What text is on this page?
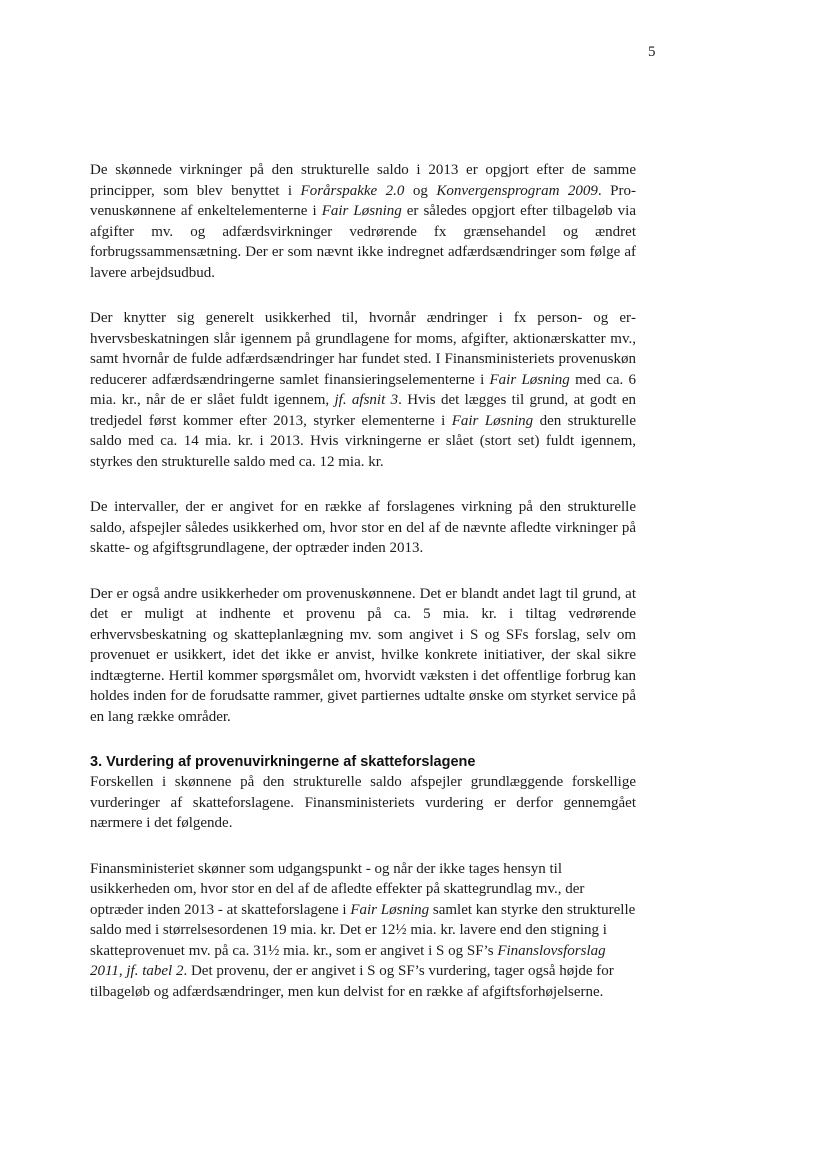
5

De skønnede virkninger på den strukturelle saldo i 2013 er opgjort efter de samme principper, som blev benyttet i Forårspakke 2.0 og Konvergensprogram 2009. Provenuskønnene af enkeltelementerne i Fair Løsning er således opgjort efter tilbageløb via afgifter mv. og adfærdsvirkninger vedrørende fx grænsehandel og ændret forbrugssammensætning. Der er som nævnt ikke indregnet adfærdsændringer som følge af lavere arbejdsudbud.

Der knytter sig generelt usikkerhed til, hvornår ændringer i fx person- og erhvervsbeskatningen slår igennem på grundlagene for moms, afgifter, aktionærskatter mv., samt hvornår de fulde adfærdsændringer har fundet sted. I Finansministeriets provenuskøn reducerer adfærdsændringerne samlet finansieringselementerne i Fair Løsning med ca. 6 mia. kr., når de er slået fuldt igennem, jf. afsnit 3. Hvis det lægges til grund, at godt en tredjedel først kommer efter 2013, styrker elementerne i Fair Løsning den strukturelle saldo med ca. 14 mia. kr. i 2013. Hvis virkningerne er slået (stort set) fuldt igennem, styrkes den strukturelle saldo med ca. 12 mia. kr.

De intervaller, der er angivet for en række af forslagenes virkning på den strukturelle saldo, afspejler således usikkerhed om, hvor stor en del af de nævnte afledte virkninger på skatte- og afgiftsgrundlagene, der optræder inden 2013.

Der er også andre usikkerheder om provenuskønnene. Det er blandt andet lagt til grund, at det er muligt at indhente et provenu på ca. 5 mia. kr. i tiltag vedrørende erhvervsbeskatning og skatteplanlægning mv. som angivet i S og SFs forslag, selv om provenuet er usikkert, idet det ikke er anvist, hvilke konkrete initiativer, der skal sikre indtægterne. Hertil kommer spørgsmålet om, hvorvidt væksten i det offentlige forbrug kan holdes inden for de forudsatte rammer, givet partiernes udtalte ønske om styrket service på en lang række områder.

3. Vurdering af provenuvirkningerne af skatteforslagene

Forskellen i skønnene på den strukturelle saldo afspejler grundlæggende forskellige vurderinger af skatteforslagene. Finansministeriets vurdering er derfor gennemgået nærmere i det følgende.

Finansministeriet skønner som udgangspunkt - og når der ikke tages hensyn til usikkerheden om, hvor stor en del af de afledte effekter på skattegrundlag mv., der optræder inden 2013 - at skatteforslagene i Fair Løsning samlet kan styrke den strukturelle saldo med i størrelsesordenen 19 mia. kr. Det er 12½ mia. kr. lavere end den stigning i skatteprovenuet mv. på ca. 31½ mia. kr., som er angivet i S og SF’s Finanslovsforslag 2011, jf. tabel 2. Det provenu, der er angivet i S og SF’s vurdering, tager også højde for tilbageløb og adfærdsændringer, men kun delvist for en række af afgiftsforhøjelserne.
